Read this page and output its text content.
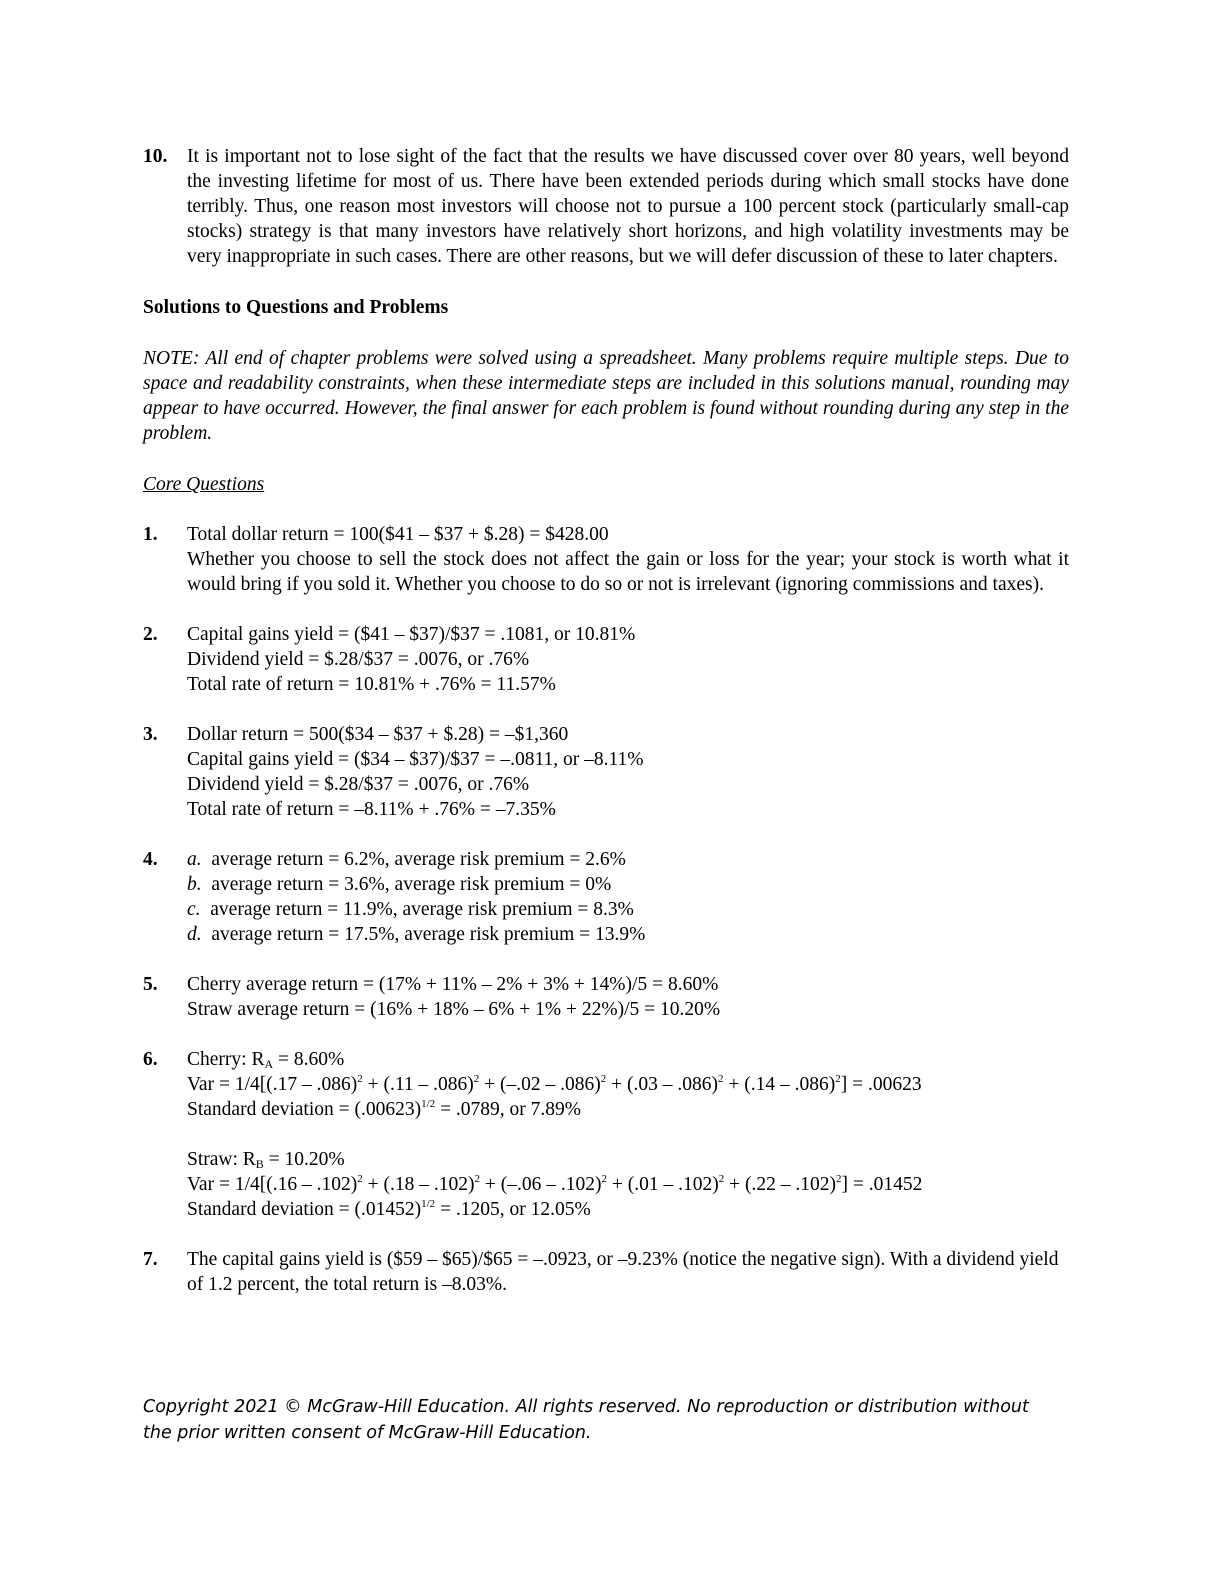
10.	It is important not to lose sight of the fact that the results we have discussed cover over 80 years, well beyond the investing lifetime for most of us. There have been extended periods during which small stocks have done terribly. Thus, one reason most investors will choose not to pursue a 100 percent stock (particularly small-cap stocks) strategy is that many investors have relatively short horizons, and high volatility investments may be very inappropriate in such cases. There are other reasons, but we will defer discussion of these to later chapters.
Solutions to Questions and Problems
NOTE: All end of chapter problems were solved using a spreadsheet. Many problems require multiple steps. Due to space and readability constraints, when these intermediate steps are included in this solutions manual, rounding may appear to have occurred. However, the final answer for each problem is found without rounding during any step in the problem.
Core Questions
1.	Total dollar return = 100($41 – $37 + $.28) = $428.00
Whether you choose to sell the stock does not affect the gain or loss for the year; your stock is worth what it would bring if you sold it. Whether you choose to do so or not is irrelevant (ignoring commissions and taxes).
2.	Capital gains yield = ($41 – $37)/$37 = .1081, or 10.81%
Dividend yield = $.28/$37 = .0076, or .76%
Total rate of return = 10.81% + .76% = 11.57%
3.	Dollar return = 500($34 – $37 + $.28) = –$1,360
Capital gains yield = ($34 – $37)/$37 = –.0811, or –8.11%
Dividend yield = $.28/$37 = .0076, or .76%
Total rate of return = –8.11% + .76% = –7.35%
4.	a. average return = 6.2%, average risk premium = 2.6%
b. average return = 3.6%, average risk premium = 0%
c. average return = 11.9%, average risk premium = 8.3%
d. average return = 17.5%, average risk premium = 13.9%
5.	Cherry average return = (17% + 11% – 2% + 3% + 14%)/5 = 8.60%
Straw average return = (16% + 18% – 6% + 1% + 22%)/5 = 10.20%
6.	Cherry: $R_A = 8.60\%$
Var = 1/4[(.17 – .086)$^2$ + (.11 – .086)$^2$ + (–.02 – .086)$^2$ + (.03 – .086)$^2$ + (.14 – .086)$^2$] = .00623
Standard deviation = $(.00623)^{1/2} = .0789$, or 7.89%
Straw: $R_B = 10.20\%$
Var = 1/4[(.16 – .102)$^2$ + (.18 – .102)$^2$ + (–.06 – .102)$^2$ + (.01 – .102)$^2$ + (.22 – .102)$^2$] = .01452
Standard deviation = $(.01452)^{1/2} = .1205$, or 12.05%
7.	The capital gains yield is ($59 – $65)/$65 = –.0923, or –9.23% (notice the negative sign). With a dividend yield of 1.2 percent, the total return is –8.03%.
Copyright 2021 © McGraw-Hill Education. All rights reserved. No reproduction or distribution without
the prior written consent of McGraw-Hill Education.
